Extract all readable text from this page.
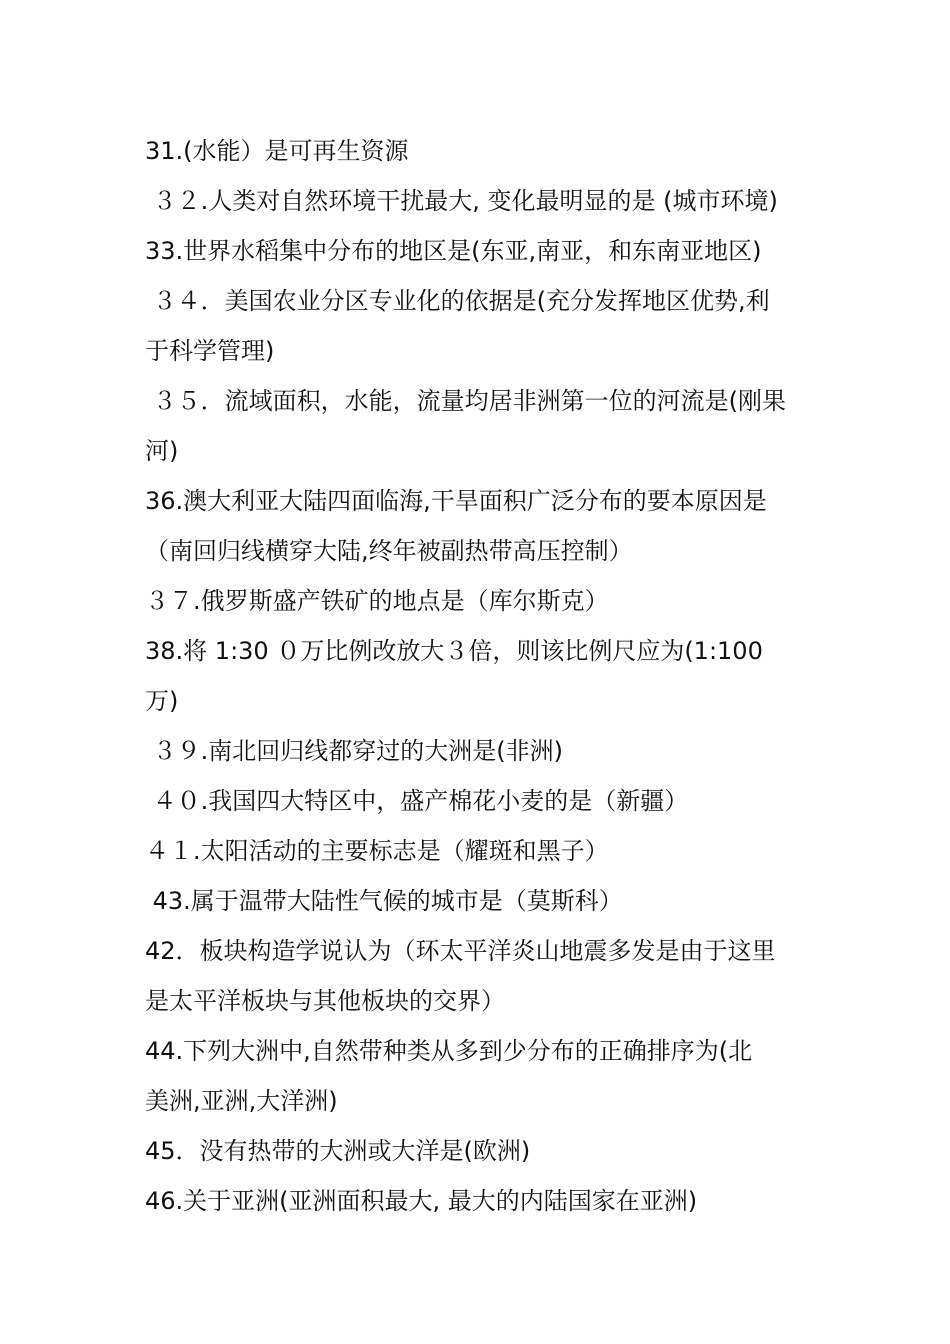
31.(水能）是可再生资源
３２.人类对自然环境干扰最大, 变化最明显的是 (城市环境)
33.世界水稻集中分布的地区是(东亚,南亚，和东南亚地区)
３４．美国农业分区专业化的依据是(充分发挥地区优势,利
于科学管理)
３５．流域面积，水能，流量均居非洲第一位的河流是(刚果
河)
36.澳大利亚大陆四面临海,干旱面积广泛分布的要本原因是
（南回归线横穿大陆,终年被副热带高压控制）
３７.俄罗斯盛产铁矿的地点是（库尔斯克）
38.将 1:30 ０万比例改放大３倍，则该比例尺应为(1:100
万)
３９.南北回归线都穿过的大洲是(非洲)
４０.我国四大特区中，盛产棉花小麦的是（新疆）
４１.太阳活动的主要标志是（耀斑和黑子）
43.属于温带大陆性气候的城市是（莫斯科）
42．板块构造学说认为（环太平洋炎山地震多发是由于这里
是太平洋板块与其他板块的交界）
44.下列大洲中,自然带种类从多到少分布的正确排序为(北
美洲,亚洲,大洋洲)
45．没有热带的大洲或大洋是(欧洲)
46.关于亚洲(亚洲面积最大, 最大的内陆国家在亚洲)
